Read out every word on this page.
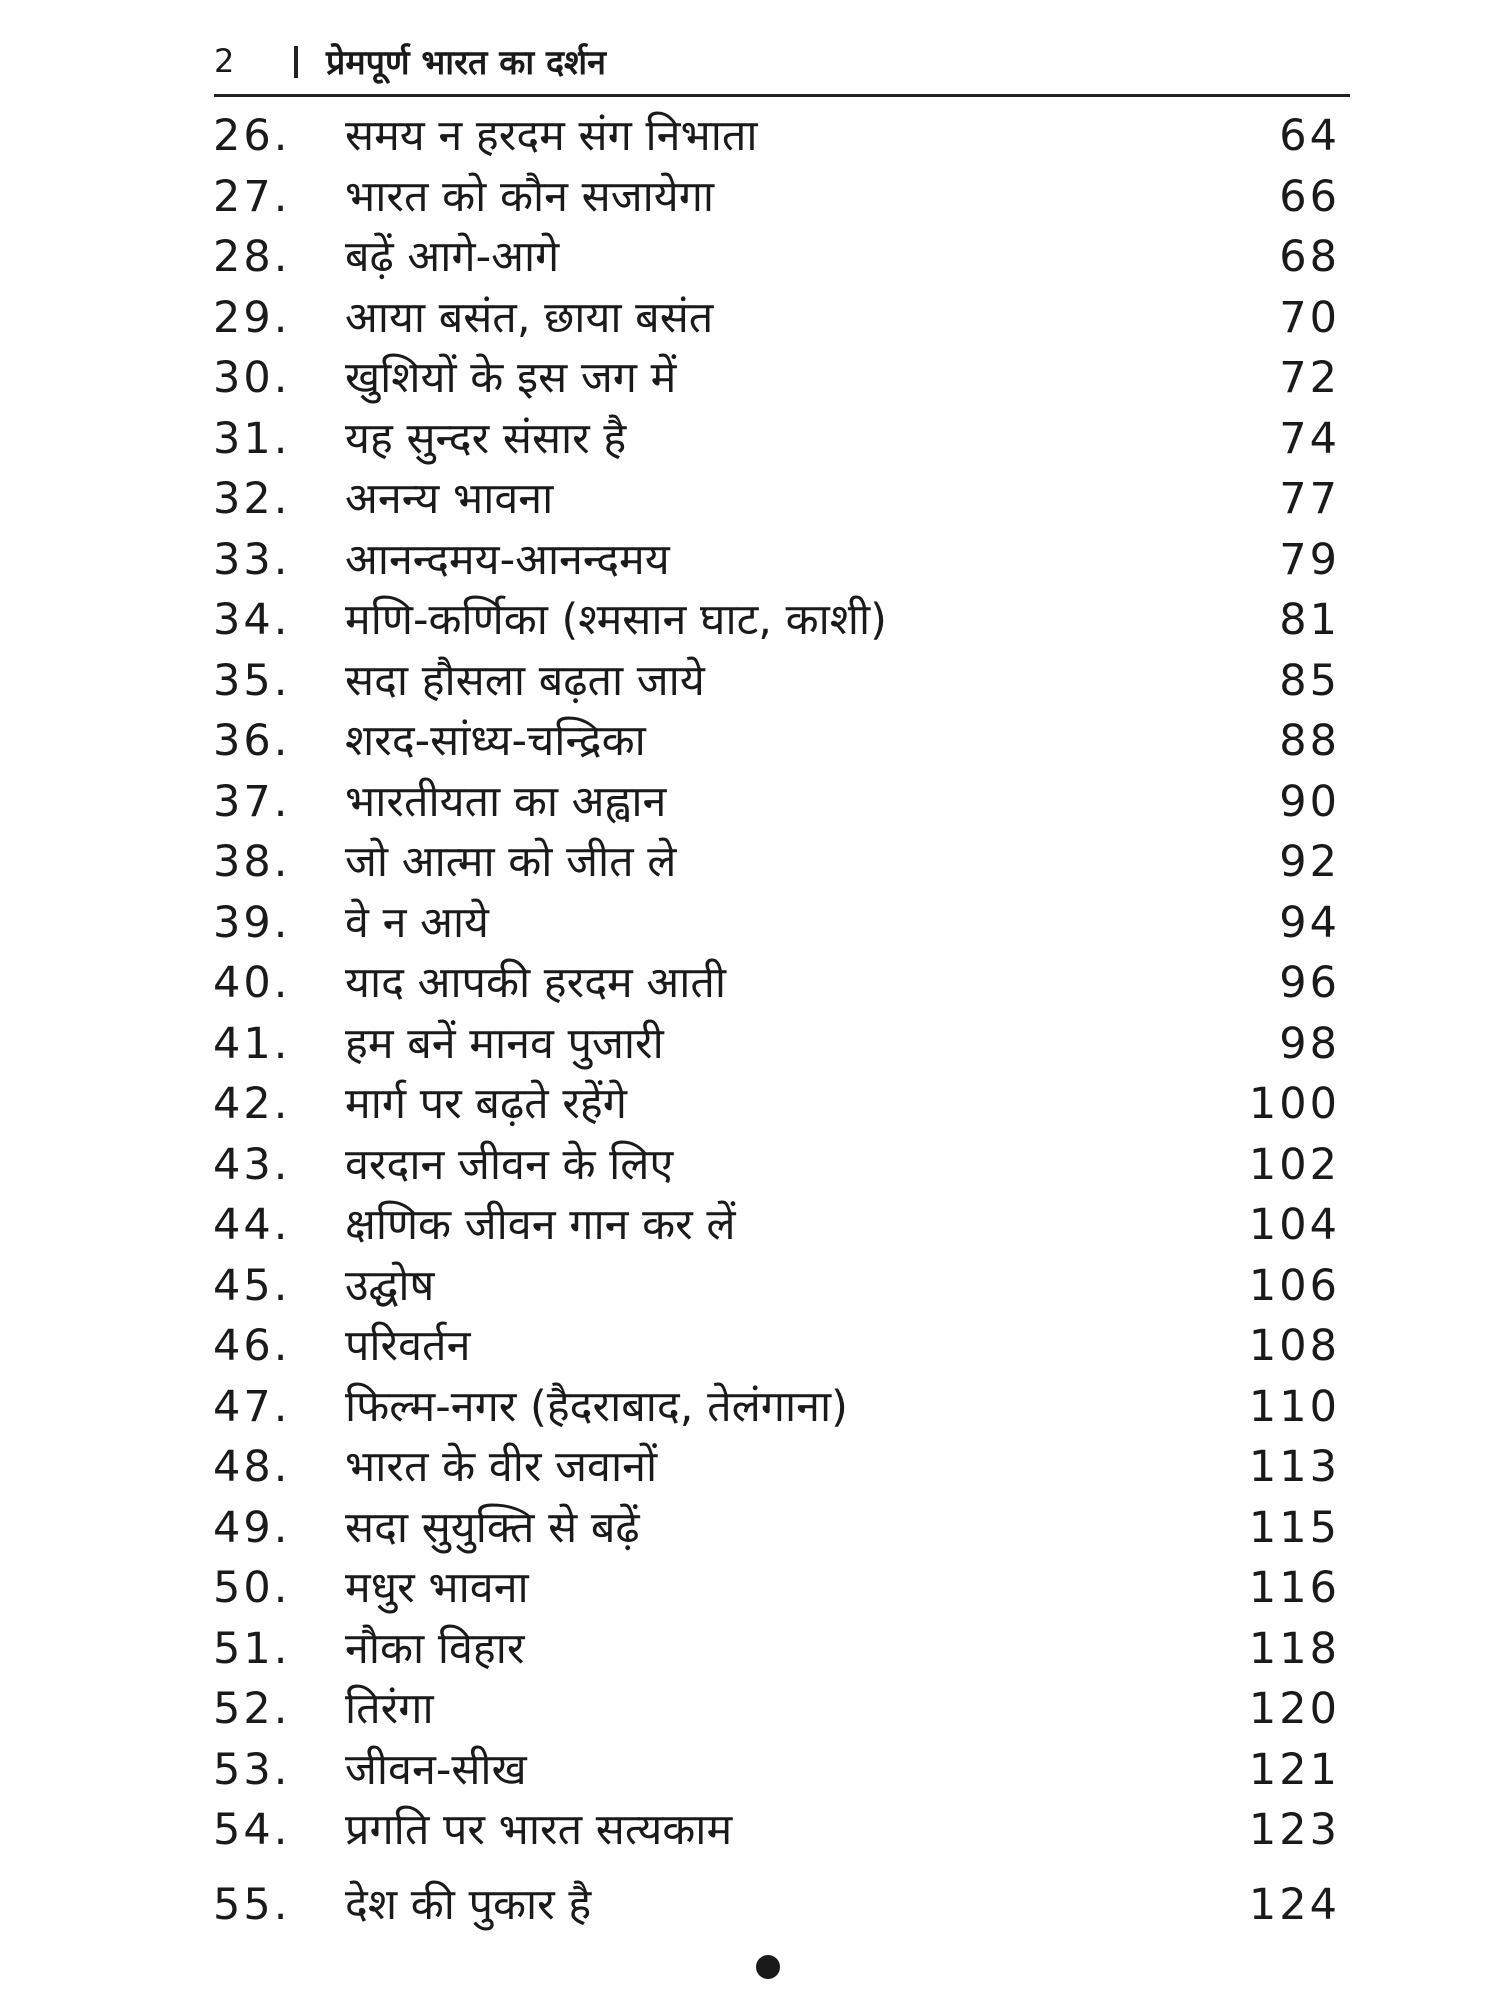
2	प्रेमपूर्ण भारत का दर्शन
26. समय न हरदम संग निभाता	64
27. भारत को कौन सजायेगा	66
28. बढ़ें आगे-आगे	68
29. आया बसंत, छाया बसंत	70
30. खुशियों के इस जग में	72
31. यह सुन्दर संसार है	74
32. अनन्य भावना	77
33. आनन्दमय-आनन्दमय	79
34. मणि-कर्णिका (श्मसान घाट, काशी)	81
35. सदा हौसला बढ़ता जाये	85
36. शरद-सांध्य-चन्द्रिका	88
37. भारतीयता का अह्वान	90
38. जो आत्मा को जीत ले	92
39. वे न आये	94
40. याद आपकी हरदम आती	96
41. हम बनें मानव पुजारी	98
42. मार्ग पर बढ़ते रहेंगे	100
43. वरदान जीवन के लिए	102
44. क्षणिक जीवन गान कर लें	104
45. उद्घोष	106
46. परिवर्तन	108
47. फिल्म-नगर (हैदराबाद, तेलंगाना)	110
48. भारत के वीर जवानों	113
49. सदा सुयुक्ति से बढ़ें	115
50. मधुर भावना	116
51. नौका विहार	118
52. तिरंगा	120
53. जीवन-सीख	121
54. प्रगति पर भारत सत्यकाम	123
55. देश की पुकार है	124
